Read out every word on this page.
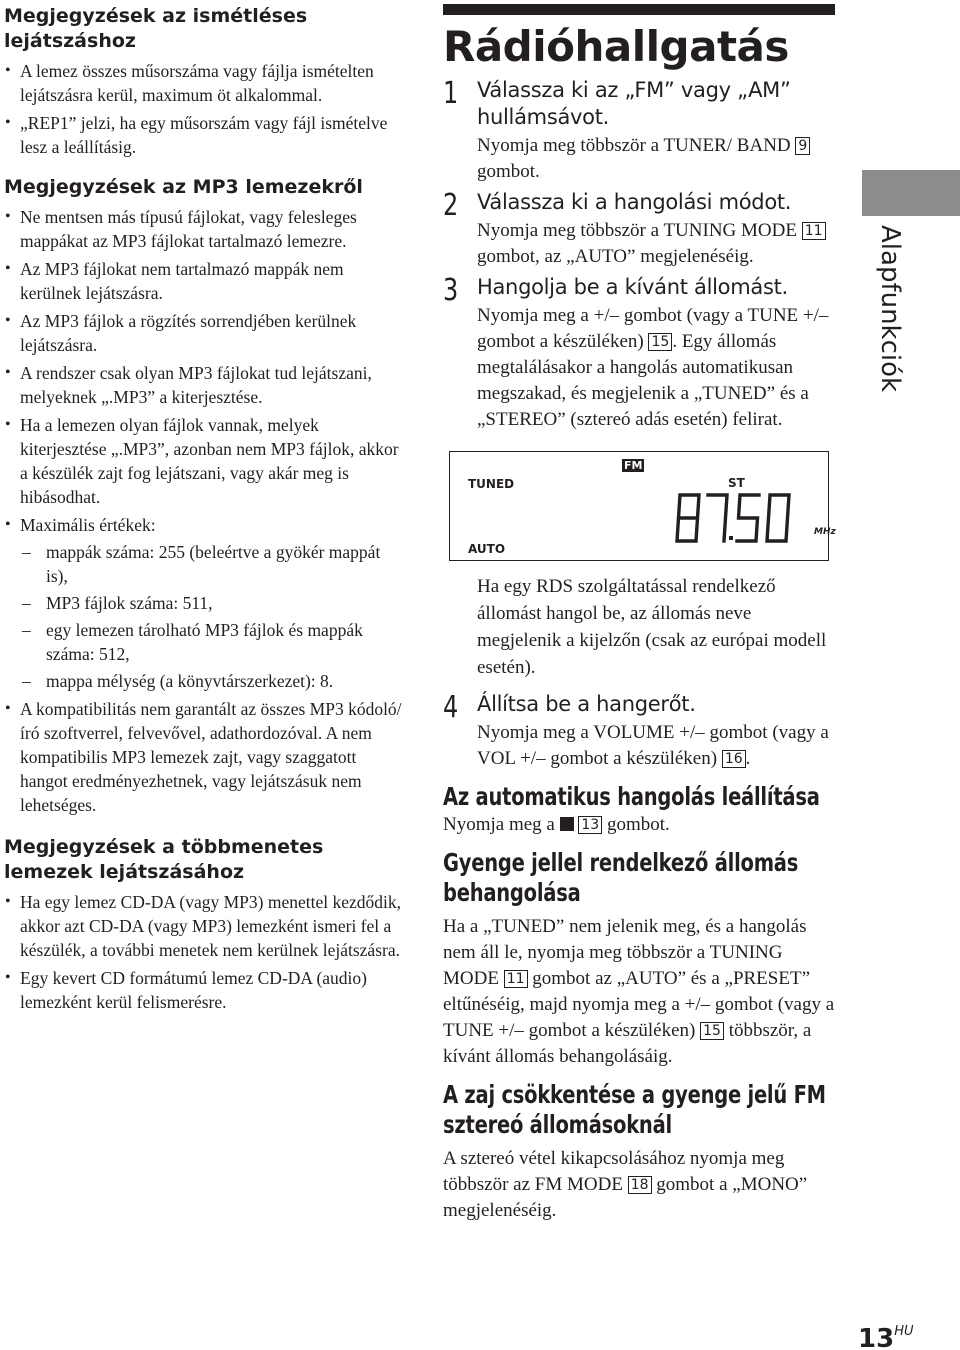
Megjegyzések az ismétléses lejátszáshoz
• A lemez összes műsorszáma vagy fájlja ismételten lejátszásra kerül, maximum öt alkalommal.
• „REP1” jelzi, ha egy műsorszám vagy fájl ismételve lesz a leállításig.
Megjegyzések az MP3 lemezekről
• Ne mentsen más típusú fájlokat, vagy felesleges mappákat az MP3 fájlokat tartalmazó lemezre.
• Az MP3 fájlokat nem tartalmazó mappák nem kerülnek lejátszásra.
• Az MP3 fájlok a rögzítés sorrendjében kerülnek lejátszásra.
• A rendszer csak olyan MP3 fájlokat tud lejátszani, melyeknek „.MP3” a kiterjesztése.
• Ha a lemezen olyan fájlok vannak, melyek kiterjesztése „.MP3”, azonban nem MP3 fájlok, akkor a készülék zajt fog lejátszani, vagy akár meg is hibásodhat.
• Maximális értékek:
– mappák száma: 255 (beleértve a gyökér mappát is),
– MP3 fájlok száma: 511,
– egy lemezen tárolható MP3 fájlok és mappák száma: 512,
– mappa mélység (a könyvtárszerkezet): 8.
• A kompatibilitás nem garantált az összes MP3 kódoló/író szoftverrel, felvevővel, adathordozóval. A nem kompatibilis MP3 lemezek zajt, vagy szaggatott hangot eredményezhetnek, vagy lejátszásuk nem lehetséges.
Megjegyzések a többmenetes lemezek lejátszásához
• Ha egy lemez CD-DA (vagy MP3) menettel kezdődik, akkor azt CD-DA (vagy MP3) lemezként ismeri fel a készülék, a további menetek nem kerülnek lejátszásra.
• Egy kevert CD formátumú lemez CD-DA (audio) lemezként kerül felismerésre.
Rádióhallgatás
1 Válassza ki az „FM” vagy „AM” hullámsávot.
Nyomja meg többször a TUNER/ BAND 9 gombot.
2 Válassza ki a hangolási módot.
Nyomja meg többször a TUNING MODE 11 gombot, az „AUTO” megjelenéséig.
3 Hangolja be a kívánt állomást.
Nyomja meg a +/– gombot (vagy a TUNE +/– gombot a készüléken) 15 . Egy állomás megtalálásakor a hangolás automatikusan megszakad, és megjelenik a „TUNED” és a „STEREO” (sztereó adás esetén) felirat.
TUNED
AUTO
FM
ST
MHz

Ha egy RDS szolgáltatással rendelkező állomást hangol be, az állomás neve megjelenik a kijelzőn (csak az európai modell esetén).

4 Állítsa be a hangerőt.
Nyomja meg a VOLUME +/– gombot (vagy a VOL +/– gombot a készüléken) 16 .
Az automatikus hangolás leállítása

Nyomja meg a  13 gombot.

Gyenge jellel rendelkező állomás behangolása

Ha a „TUNED” nem jelenik meg, és a hangolás nem áll le, nyomja meg többször a TUNING MODE 11 gombot az „AUTO” és a „PRESET” eltűnéséig, majd nyomja meg a +/– gombot (vagy a TUNE +/– gombot a készüléken) 15 többször, a kívánt állomás behangolásáig.

A zaj csökkentése a gyenge jelű FM sztereó állomásoknál

A sztereó vétel kikapcsolásához nyomja meg többször az FM MODE 18 gombot a „MONO” megjelenéséig.

Alapfunkciók
$13^{HU}$
